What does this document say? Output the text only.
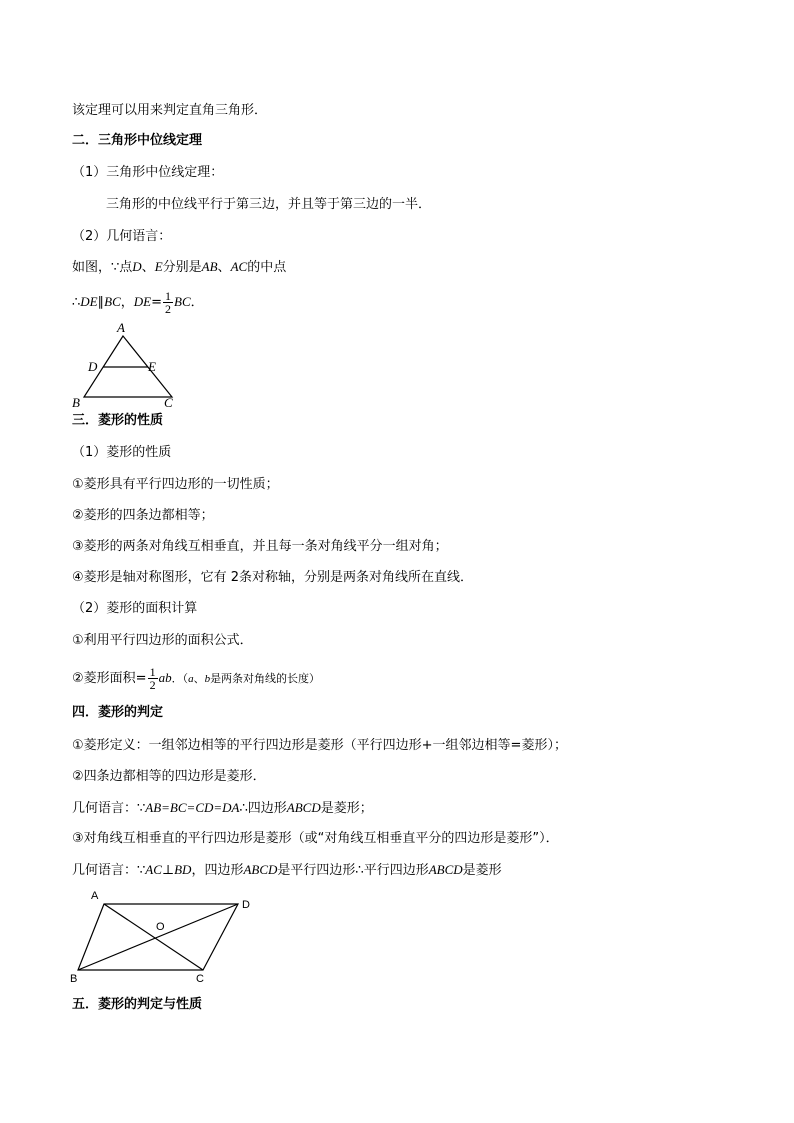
该定理可以用来判定直角三角形．
二．三角形中位线定理
（1）三角形中位线定理：
三角形的中位线平行于第三边，并且等于第三边的一半．
（2）几何语言：
如图，∵点D、E分别是AB、AC的中点
∴DE∥BC，$DE= \frac{1}{2}$ BC．
A
D	E
B	C
三．菱形的性质
（1）菱形的性质
①菱形具有平行四边形的一切性质；
②菱形的四条边都相等；
③菱形的两条对角线互相垂直，并且每一条对角线平分一组对角；
④菱形是轴对称图形，它有 2条对称轴，分别是两条对角线所在直线．
（2）菱形的面积计算
①利用平行四边形的面积公式．
②菱形面积= $\frac{1}{2}$ ab．（a、b是两条对角线的长度）
四．菱形的判定
①菱形定义：一组邻边相等的平行四边形是菱形（平行四边形+一组邻边相等=菱形）；
②四条边都相等的四边形是菱形．
几何语言：∵AB=BC=CD=DA∴四边形ABCD是菱形；
③对角线互相垂直的平行四边形是菱形（或“对角线互相垂直平分的四边形是菱形”）．
几何语言：∵AC⊥BD，四边形ABCD是平行四边形∴平行四边形ABCD是菱形
A
D
O
B	C
五．菱形的判定与性质
